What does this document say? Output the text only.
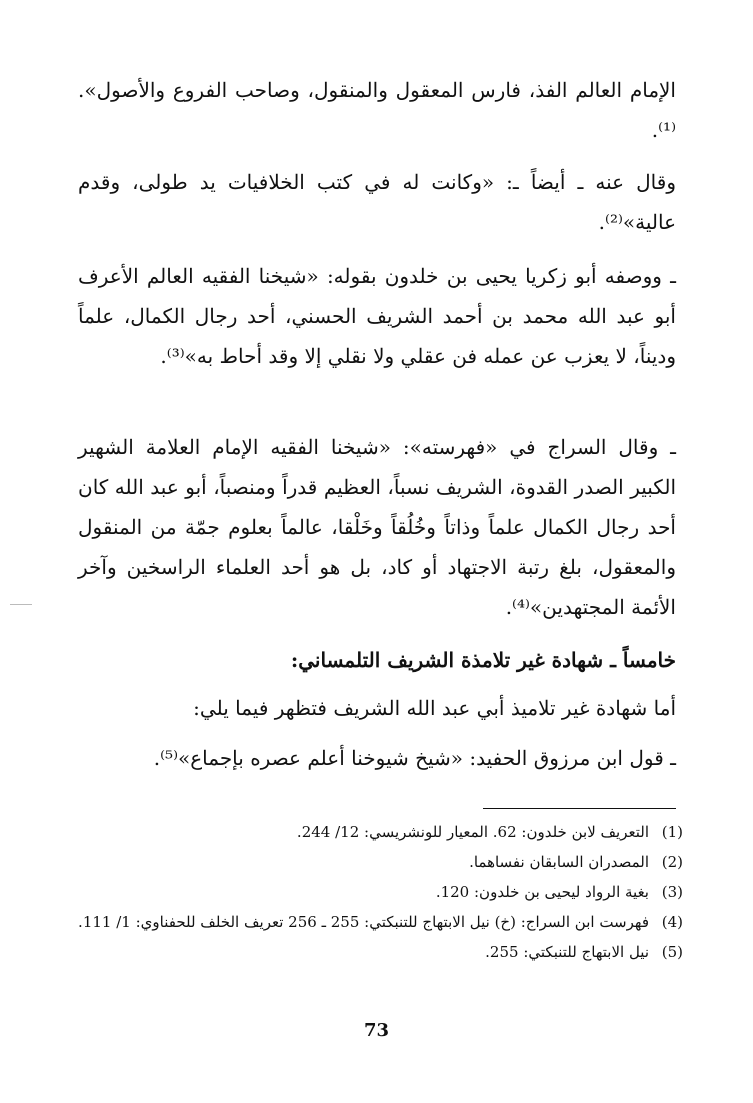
الإمام العالم الفذ، فارس المعقول والمنقول، وصاحب الفروع والأصول». ⁽¹⁾.

وقال عنه ـ أيضاً ـ: «وكانت له في كتب الخلافيات يد طولى، وقدم عالية»⁽²⁾.

ـ ووصفه أبو زكريا يحيى بن خلدون بقوله: «شيخنا الفقيه العالم الأعرف أبو عبد الله محمد بن أحمد الشريف الحسني، أحد رجال الكمال، علماً وديناً، لا يعزب عن عمله فن عقلي ولا نقلي إلا وقد أحاط به»⁽³⁾.

ـ وقال السراج في «فهرسته»: «شيخنا الفقيه الإمام العلامة الشهير الكبير الصدر القدوة، الشريف نسباً، العظيم قدراً ومنصباً، أبو عبد الله كان أحد رجال الكمال علماً وذاتاً وخُلُقاً وخَلْقا، عالماً بعلوم جمّة من المنقول والمعقول، بلغ رتبة الاجتهاد أو كاد، بل هو أحد العلماء الراسخين وآخر الأئمة المجتهدين»⁽⁴⁾.

خامساً ـ شهادة غير تلامذة الشريف التلمساني:

أما شهادة غير تلاميذ أبي عبد الله الشريف فتظهر فيما يلي:

ـ قول ابن مرزوق الحفيد: «شيخ شيوخنا أعلم عصره بإجماع»⁽⁵⁾.

(1)
التعريف لابن خلدون: 62. المعيار للونشريسي: 12/ 244.
(2)
المصدران السابقان نفساهما.
(3)
بغية الرواد ليحيى بن خلدون: 120.
(4)
فهرست ابن السراج: (خ) نيل الابتهاج للتنبكتي: 255 ـ 256 تعريف الخلف للحفناوي: 1/ 111.
(5)
نيل الابتهاج للتنبكتي: 255.
73
